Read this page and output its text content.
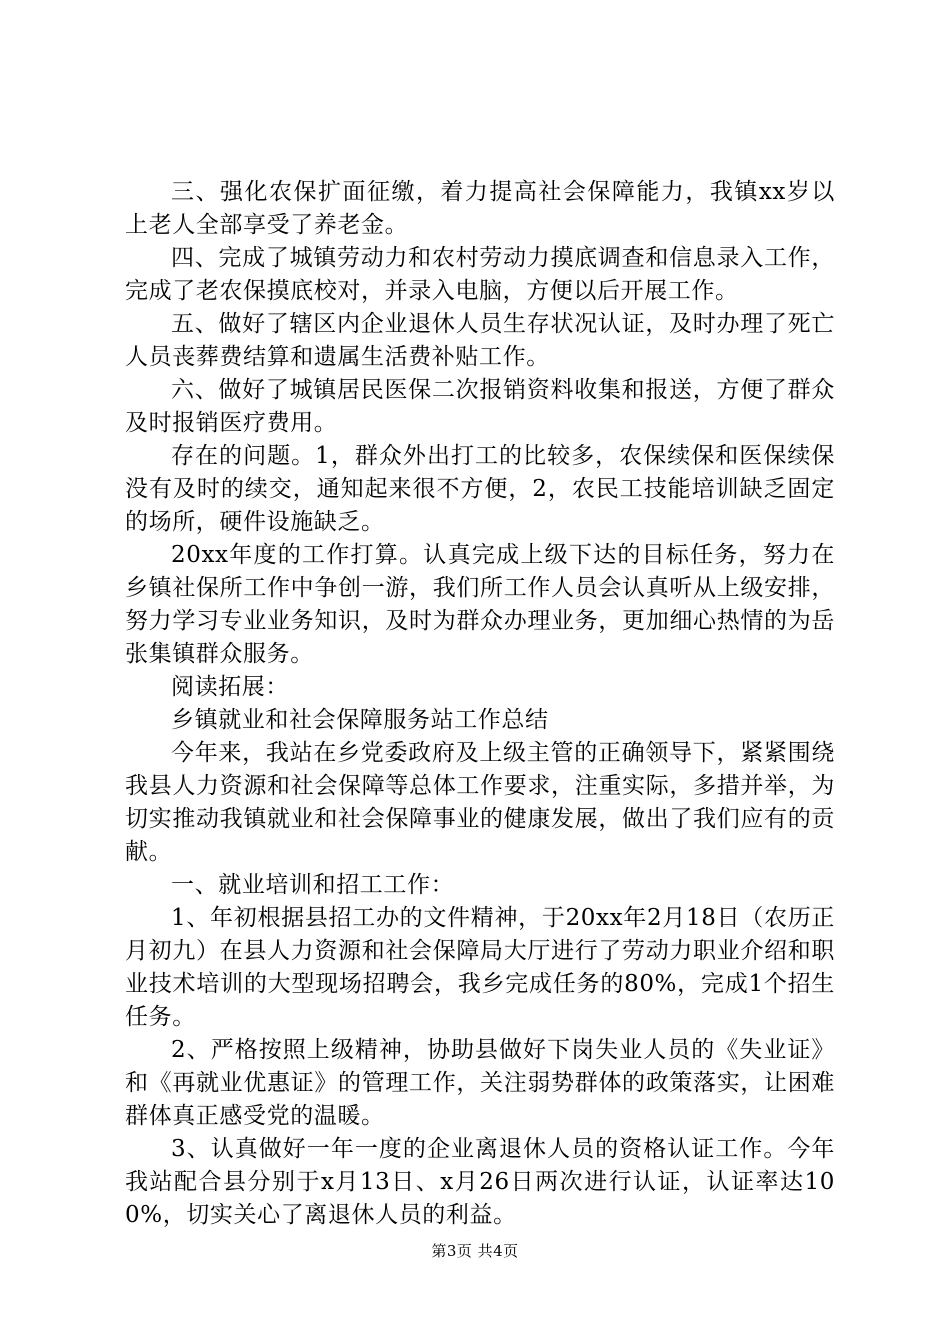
三、强化农保扩面征缴，着力提高社会保障能力，我镇xx岁以上老人全部享受了养老金。

四、完成了城镇劳动力和农村劳动力摸底调查和信息录入工作，完成了老农保摸底校对，并录入电脑，方便以后开展工作。

五、做好了辖区内企业退休人员生存状况认证，及时办理了死亡人员丧葬费结算和遗属生活费补贴工作。

六、做好了城镇居民医保二次报销资料收集和报送，方便了群众及时报销医疗费用。

存在的问题。1，群众外出打工的比较多，农保续保和医保续保没有及时的续交，通知起来很不方便，2，农民工技能培训缺乏固定的场所，硬件设施缺乏。

20xx年度的工作打算。认真完成上级下达的目标任务，努力在乡镇社保所工作中争创一游，我们所工作人员会认真听从上级安排，努力学习专业业务知识，及时为群众办理业务，更加细心热情的为岳张集镇群众服务。

阅读拓展：

乡镇就业和社会保障服务站工作总结

今年来，我站在乡党委政府及上级主管的正确领导下，紧紧围绕我县人力资源和社会保障等总体工作要求，注重实际，多措并举，为切实推动我镇就业和社会保障事业的健康发展，做出了我们应有的贡献。

一、就业培训和招工工作：

1、年初根据县招工办的文件精神，于20xx年2月18日（农历正月初九）在县人力资源和社会保障局大厅进行了劳动力职业介绍和职业技术培训的大型现场招聘会，我乡完成任务的80%，完成1个招生任务。

2、严格按照上级精神，协助县做好下岗失业人员的《失业证》和《再就业优惠证》的管理工作，关注弱势群体的政策落实，让困难群体真正感受党的温暖。

3、认真做好一年一度的企业离退休人员的资格认证工作。今年我站配合县分别于x月13日、x月26日两次进行认证，认证率达100%，切实关心了离退休人员的利益。

第3页 共4页
